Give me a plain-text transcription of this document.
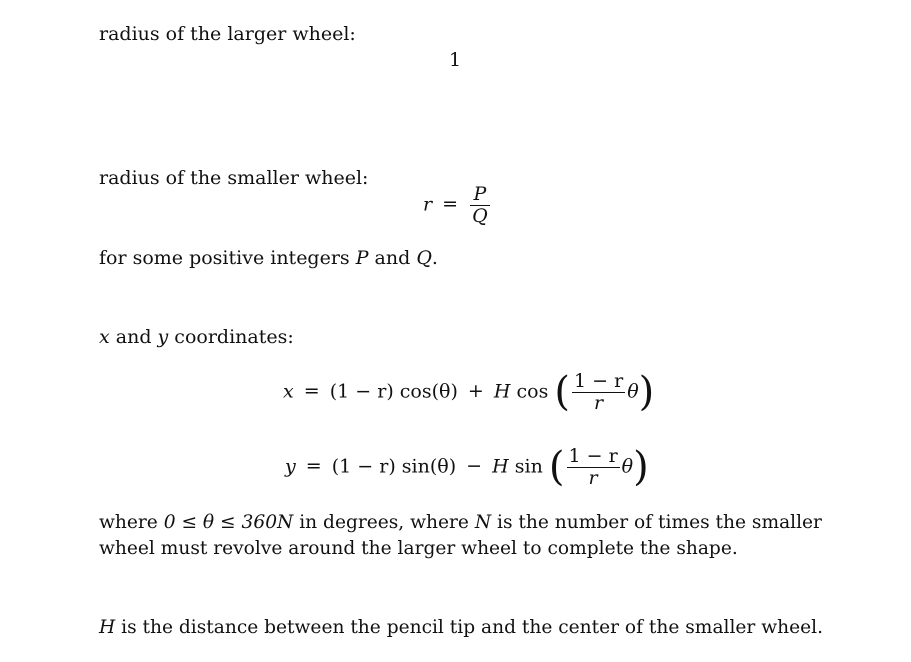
radius of the larger wheel:
1
radius of the smaller wheel:
$r = \frac{P}{Q}$
for some positive integers P and Q.
x and y coordinates:
x = (1 − r) cos(θ) + H cos ( $\frac{1 - r}{r} \theta$)
y = (1 − r) sin(θ) − H sin ( $\frac{1 - r}{r} \theta$)
where 0 ≤ θ ≤ 360N in degrees, where N is the number of times the smaller
wheel must revolve around the larger wheel to complete the shape.
H is the distance between the pencil tip and the center of the smaller wheel.
